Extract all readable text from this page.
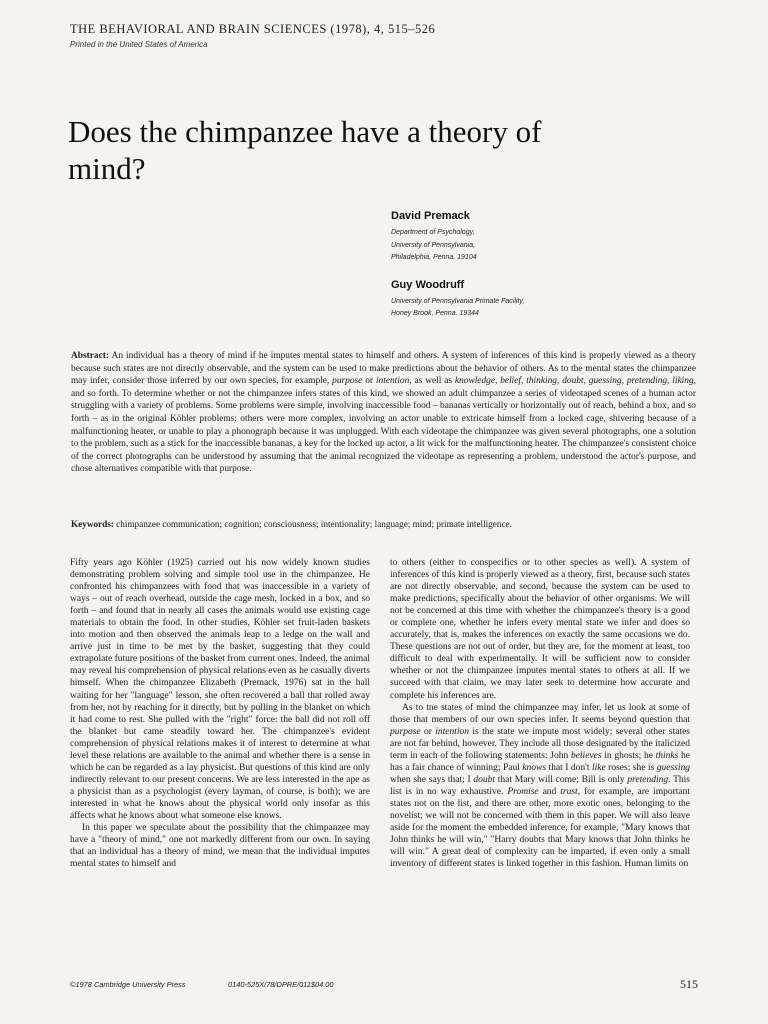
THE BEHAVIORAL AND BRAIN SCIENCES (1978), 4, 515–526
Printed in the United States of America
Does the chimpanzee have a theory of mind?
David Premack
Department of Psychology,
University of Pennsylvania,
Philadelphia, Penna. 19104
Guy Woodruff
University of Pennsylvania Primate Facility,
Honey Brook, Penna. 19344

Abstract: An individual has a theory of mind if he imputes mental states to himself and others. A system of inferences of this kind is properly viewed as a theory because such states are not directly observable, and the system can be used to make predictions about the behavior of others. As to the mental states the chimpanzee may infer, consider those inferred by our own species, for example, purpose or intention, as well as knowledge, belief, thinking, doubt, guessing, pretending, liking, and so forth. To determine whether or not the chimpanzee infers states of this kind, we showed an adult chimpanzee a series of videotaped scenes of a human actor struggling with a variety of problems. Some problems were simple, involving inaccessible food – bananas vertically or horizontally out of reach, behind a box, and so forth – as in the original Köhler problems; others were more complex, involving an actor unable to extricate himself from a locked cage, shivering because of a malfunctioning heater, or unable to play a phonograph because it was unplugged. With each videotape the chimpanzee was given several photographs, one a solution to the problem, such as a stick for the inaccessible bananas, a key for the locked up actor, a lit wick for the malfunctioning heater. The chimpanzee's consistent choice of the correct photographs can be understood by assuming that the animal recognized the videotape as representing a problem, understood the actor's purpose, and chose alternatives compatible with that purpose.

Keywords: chimpanzee communication; cognition; consciousness; intentionality; language; mind; primate intelligence.

Fifty years ago Köhler (1925) carried out his now widely known studies demonstrating problem solving and simple tool use in the chimpanzee. He confronted his chimpanzees with food that was inaccessible in a variety of ways – out of reach overhead, outside the cage mesh, locked in a box, and so forth – and found that in nearly all cases the animals would use existing cage materials to obtain the food. In other studies, Köhler set fruit-laden baskets into motion and then observed the animals leap to a ledge on the wall and arrive just in time to be met by the basket, suggesting that they could extrapolate future positions of the basket from current ones. Indeed, the animal may reveal his comprehension of physical relations even as he casually diverts himself. When the chimpanzee Elizabeth (Premack, 1976) sat in the hall waiting for her "language" lesson, she often recovered a ball that rolled away from her, not by reaching for it directly, but by pulling in the blanket on which it had come to rest. She pulled with the "right" force: the ball did not roll off the blanket but came steadily toward her. The chimpanzee's evident comprehension of physical relations makes it of interest to determine at what level these relations are available to the animal and whether there is a sense in which he can be regarded as a lay physicist. But questions of this kind are only indirectly relevant to our present concerns. We are less interested in the ape as a physicist than as a psychologist (every layman, of course, is both); we are interested in what he knows about the physical world only insofar as this affects what he knows about what someone else knows.

In this paper we speculate about the possibility that the chimpanzee may have a "theory of mind," one not markedly different from our own. In saying that an individual has a theory of mind, we mean that the individual imputes mental states to himself and

to others (either to conspecifics or to other species as well). A system of inferences of this kind is properly viewed as a theory, first, because such states are not directly observable, and second, because the system can be used to make predictions, specifically about the behavior of other organisms. We will not be concerned at this time with whether the chimpanzee's theory is a good or complete one, whether he infers every mental state we infer and does so accurately, that is, makes the inferences on exactly the same occasions we do. These questions are not out of order, but they are, for the moment at least, too difficult to deal with experimentally. It will be sufficient now to consider whether or not the chimpanzee imputes mental states to others at all. If we succeed with that claim, we may later seek to determine how accurate and complete his inferences are.

As to tne states of mind the chimpanzee may infer, let us look at some of those that members of our own species infer. It seems beyond question that purpose or intention is the state we impute most widely; several other states are not far behind, however. They include all those designated by the italicized term in each of the following statements: John believes in ghosts; he thinks he has a fair chance of winning; Paul knows that I don't like roses; she is guessing when she says that; I doubt that Mary will come; Bill is only pretending. This list is in no way exhaustive. Promise and trust, for example, are important states not on the list, and there are other, more exotic ones, belonging to the novelist; we will not be concerned with them in this paper. We will also leave aside for the moment the embedded inference, for example, "Mary knows that John thinks he will win," "Harry doubts that Mary knows that John thinks he will win." A great deal of complexity can be imparted, if even only a small inventory of different states is linked together in this fashion. Human limits on

©1978 Cambridge University Press	0140-525X/78/DPRE/011$04.00	515
